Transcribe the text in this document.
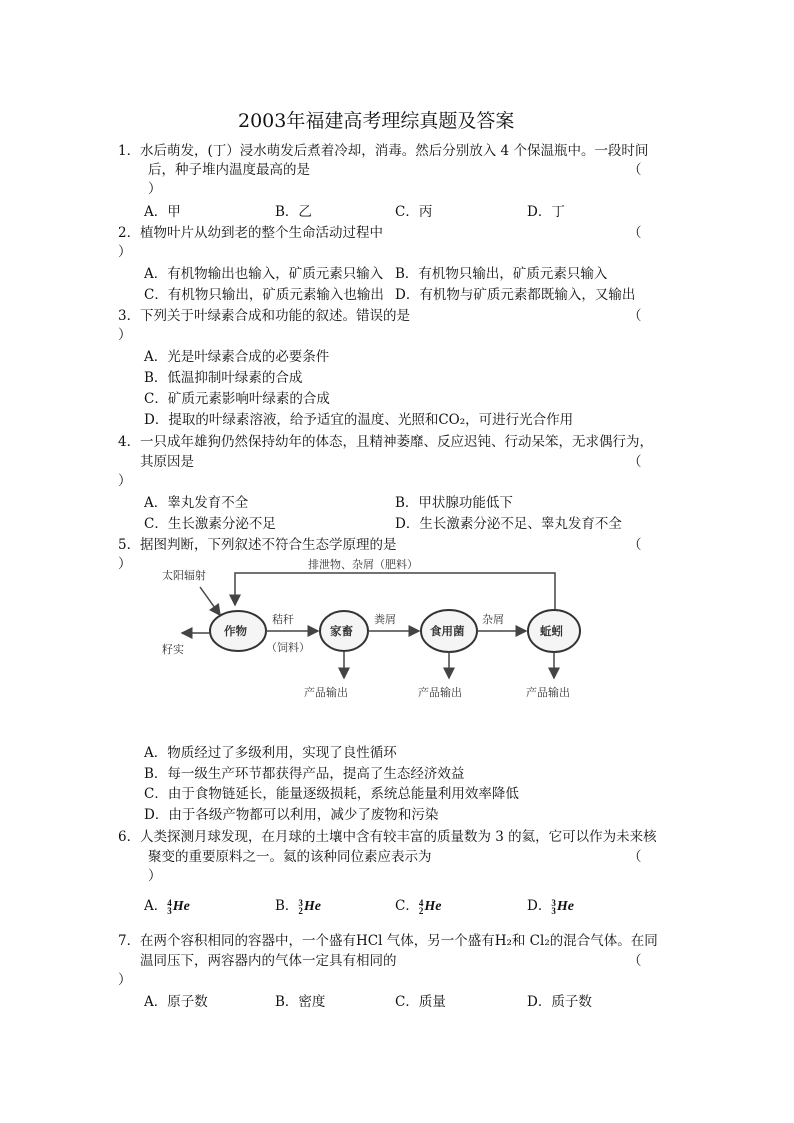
2003年福建高考理综真题及答案
1． 水后萌发，(丁）浸水萌发后煮着冷却，消毒。然后分别放入 4 个保温瓶中。一段时间
后，种子堆内温度最高的是	（
）
A．甲	B．乙	C．丙	D．丁
2． 植物叶片从幼到老的整个生命活动过程中	（
）
A．有机物输出也输入，矿质元素只输入 B．有机物只输出，矿质元素只输入
C．有机物只输出，矿质元素输入也输出 D．有机物与矿质元素都既输入，又输出
3． 下列关于叶绿素合成和功能的叙述。错误的是	（
）
A．光是叶绿素合成的必要条件
B．低温抑制叶绿素的合成
C．矿质元素影响叶绿素的合成
D．提取的叶绿素溶液，给予适宜的温度、光照和CO₂，可进行光合作用
4． 一只成年雄狗仍然保持幼年的体态，且精神萎靡、反应迟钝、行动呆笨，无求偶行为，
其原因是	（
）
A．睾丸发育不全	B．甲状腺功能低下
C．生长激素分泌不足	D．生长激素分泌不足、睾丸发育不全
5． 据图判断，下列叙述不符合生态学原理的是	（
）	排泄物、杂屑（肥料）
太阳辐射
作物	家畜	食用菌	蚯蚓
秸秆
（饲料）
粪屑	杂屑
籽实
产品输出	产品输出	产品输出
A．物质经过了多级利用，实现了良性循环
B．每一级生产环节都获得产品，提高了生态经济效益
C．由于食物链延长，能量逐级损耗，系统总能量利用效率降低
D．由于各级产物都可以利用，减少了废物和污染
6． 人类探测月球发现，在月球的土壤中含有较丰富的质量数为 3 的氦，它可以作为未来核
聚变的重要原料之一。氦的该种同位素应表示为	（
）
A． 4
3 He	B． 3
2 He	C． 4
2 He	D． 3
3 He
7． 在两个容积相同的容器中，一个盛有HCl 气体，另一个盛有H₂和 Cl₂的混合气体。在同
温同压下，两容器内的气体一定具有相同的	（
）
A．原子数	B．密度	C．质量	D．质子数
